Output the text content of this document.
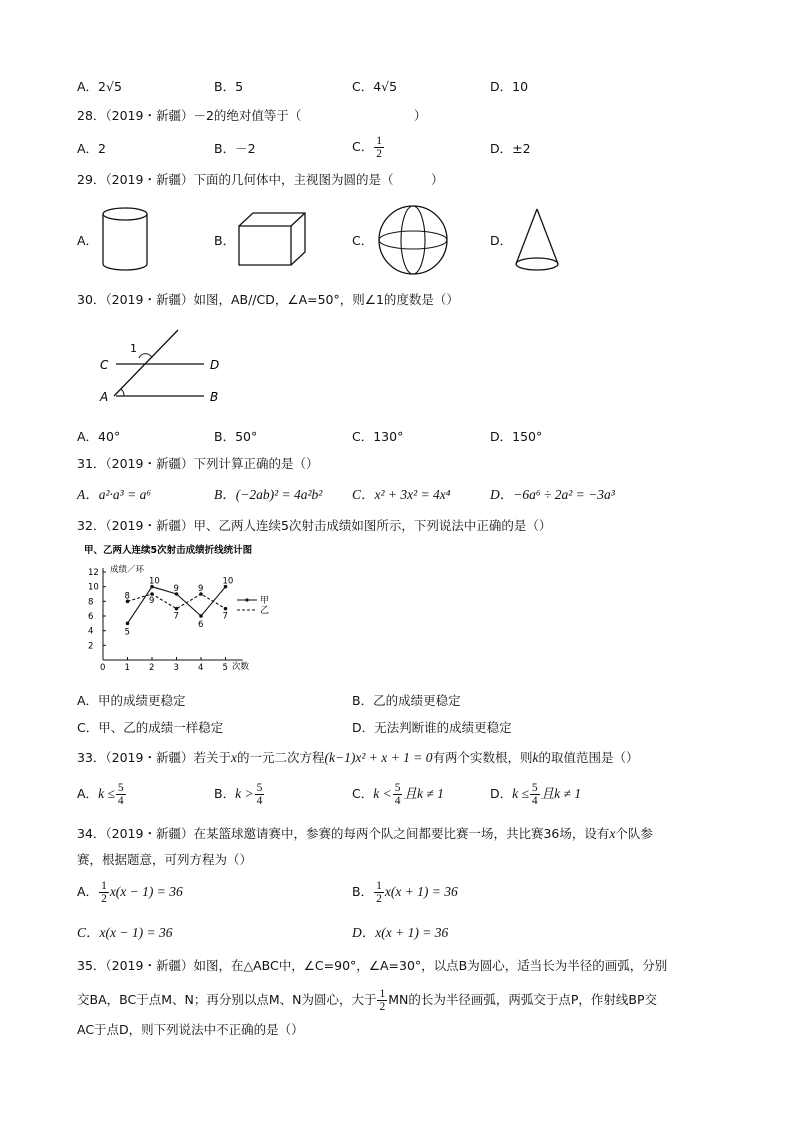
A．2√5	B．5	C．4√5	D．10
28．（2019・新疆）－2的绝对值等于（　　　　　　　　　）
A．2	B．－2	C． $\frac{1}{2}$	D．±2
29．（2019・新疆）下面的几何体中，主视图为圆的是（　　　）
A．	B．	C．	D．
30．（2019・新疆）如图，AB//CD，∠A=50°，则∠1的度数是（）
C	D
A	B
1
A．40°	B．50°	C．130°	D．150°
31．（2019・新疆）下列计算正确的是（）
A．a²·a³ = a⁶	B．(−2ab)² = 4a²b² C．x² + 3x² = 4x⁴	D．−6a⁶ ÷ 2a² = −3a³
32．（2019・新疆）甲、乙两人连续5次射击成绩如图所示，下列说法中正确的是（）
甲、乙两人连续5次射击成绩折线统计图
成绩／环
次数
0 1 2 3 4 5
2
4
6
8
10
12
5
10
9
6
10
8 9
7
9
7
甲
乙
A．甲的成绩更稳定	B．乙的成绩更稳定
C．甲、乙的成绩一样稳定	D．无法判断谁的成绩更稳定
33．（2019・新疆）若关于x的一元二次方程(k−1)x² + x + 1 = 0有两个实数根，则k的取值范围是（）
A．$k \le \frac{5}{4}$	B．$k > \frac{5}{4}$	C．$k < \frac{5}{4}$ 且k ≠ 1	D．$k \le \frac{5}{4}$ 且k ≠ 1
34．（2019・新疆）在某篮球邀请赛中，参赛的每两个队之间都要比赛一场，共比赛36场，设有x个队参
赛，根据题意，可列方程为（）
A． $\frac{1}{2} x(x - 1) = 36$	B． $\frac{1}{2} x(x + 1) = 36$
C．x(x − 1) = 36	D．x(x + 1) = 36
35．（2019・新疆）如图，在△ABC中，∠C=90°，∠A=30°，以点B为圆心，适当长为半径的画弧，分别
交BA，BC于点M、N；再分别以点M、N为圆心，大于 $\frac{1}{2}$ MN的长为半径画弧，两弧交于点P，作射线BP交
AC于点D，则下列说法中不正确的是（）
